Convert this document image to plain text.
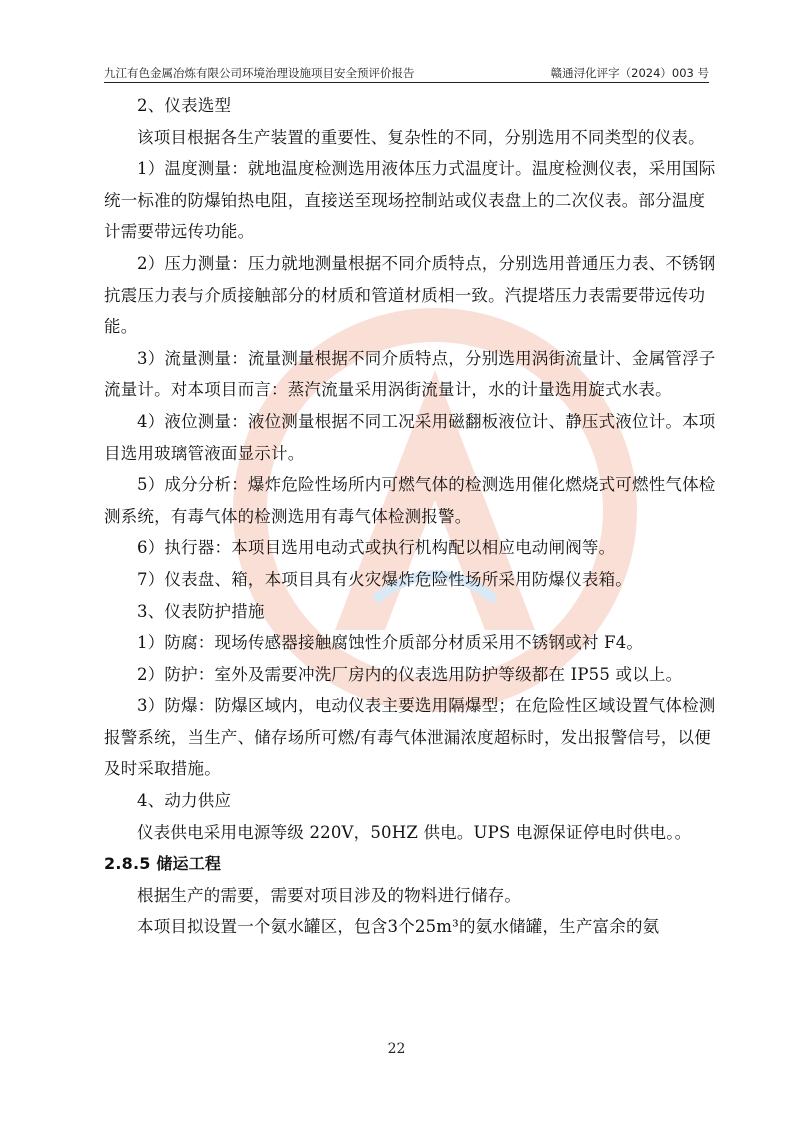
九江有色金属冶炼有限公司环境治理设施项目安全预评价报告	赣通浔化评字（2024）003 号

2、仪表选型

该项目根据各生产装置的重要性、复杂性的不同，分别选用不同类型的仪表。

1）温度测量：就地温度检测选用液体压力式温度计。温度检测仪表，采用国际统一标准的防爆铂热电阻，直接送至现场控制站或仪表盘上的二次仪表。部分温度计需要带远传功能。

2）压力测量：压力就地测量根据不同介质特点，分别选用普通压力表、不锈钢抗震压力表与介质接触部分的材质和管道材质相一致。汽提塔压力表需要带远传功能。

3）流量测量：流量测量根据不同介质特点，分别选用涡街流量计、金属管浮子流量计。对本项目而言：蒸汽流量采用涡街流量计，水的计量选用旋式水表。

4）液位测量：液位测量根据不同工况采用磁翻板液位计、静压式液位计。本项目选用玻璃管液面显示计。

5）成分分析：爆炸危险性场所内可燃气体的检测选用催化燃烧式可燃性气体检测系统，有毒气体的检测选用有毒气体检测报警。

6）执行器：本项目选用电动式或执行机构配以相应电动闸阀等。

7）仪表盘、箱，本项目具有火灾爆炸危险性场所采用防爆仪表箱。

3、仪表防护措施

1）防腐：现场传感器接触腐蚀性介质部分材质采用不锈钢或衬 F4。

2）防护：室外及需要冲洗厂房内的仪表选用防护等级都在 IP55 或以上。

3）防爆：防爆区域内，电动仪表主要选用隔爆型；在危险性区域设置气体检测报警系统，当生产、储存场所可燃/有毒气体泄漏浓度超标时，发出报警信号，以便及时采取措施。

4、动力供应

仪表供电采用电源等级 220V，50HZ 供电。UPS 电源保证停电时供电。。

2.8.5 储运工程

根据生产的需要，需要对项目涉及的物料进行储存。

本项目拟设置一个氨水罐区，包含3个25m³的氨水储罐，生产富余的氨

22
